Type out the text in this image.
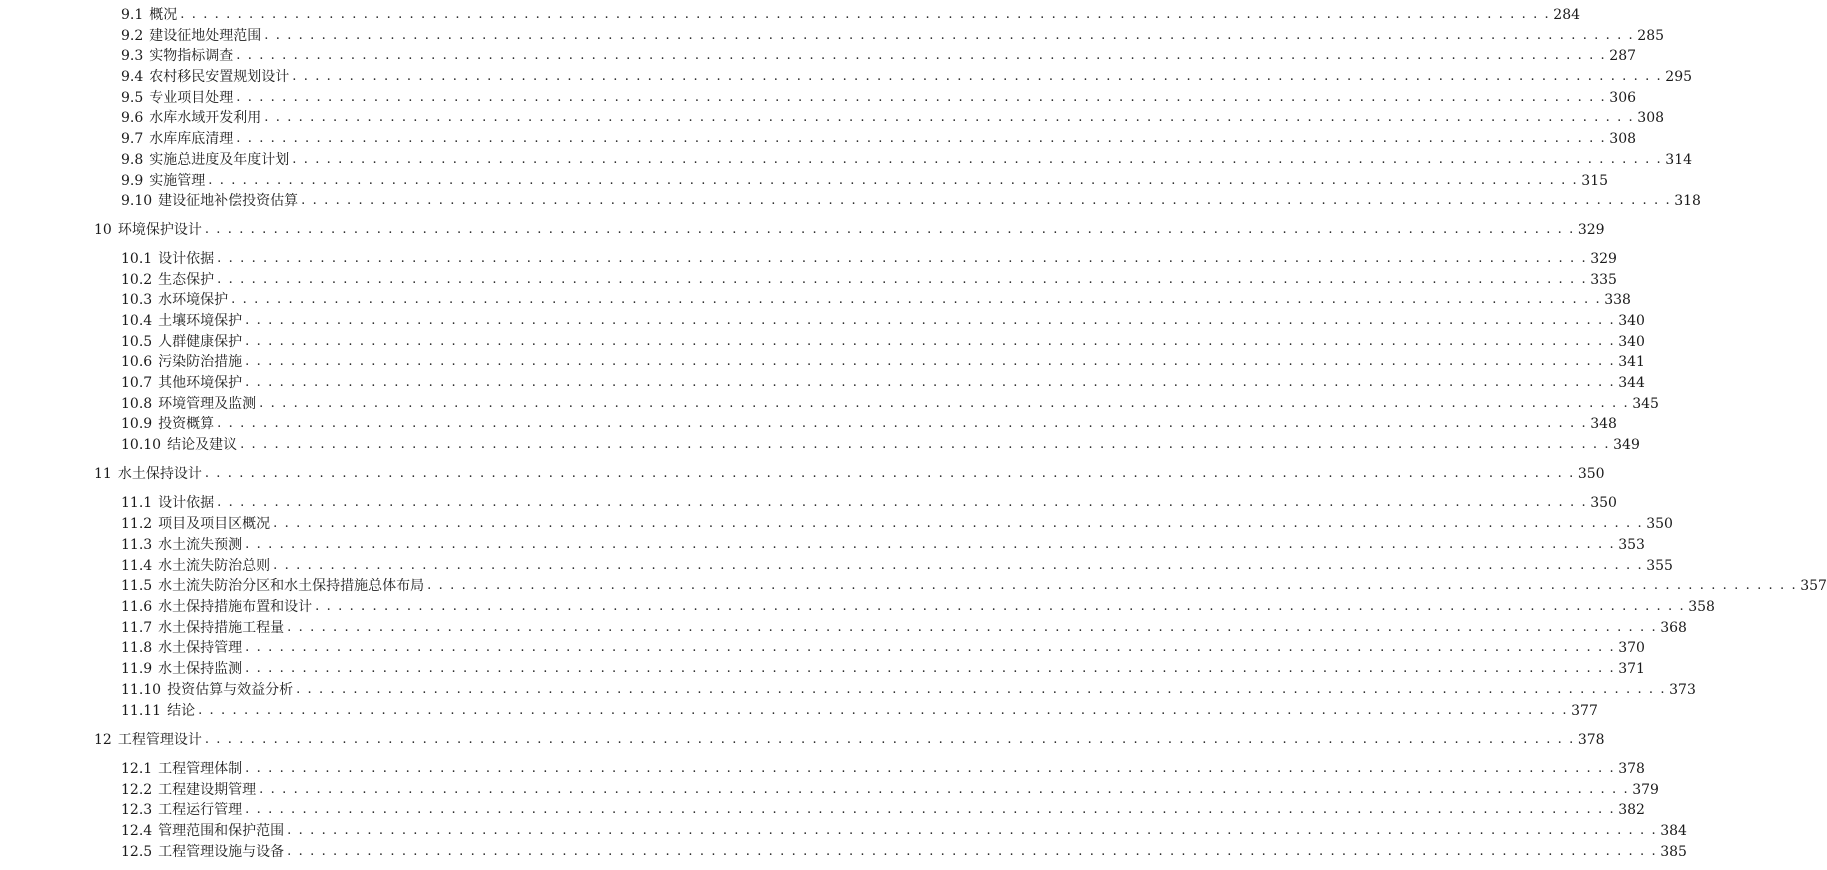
9.1 概况 . . . . . . . . . . . . . . . . . . . . . . . . . . . . . . . . . . . . . . . . . . . . . . . . . . . . . . . . . . . . . . . . . . . . . . . . . . . . . . . . . . . . . . . . . . . . . . . . . . . . . . . . . . . . . . . . . . . . . . . . 284
9.2 建设征地处理范围 . . . . . . . . . . . . . . . . . . . . . . . . . . . . . . . . . . . . . . . . . . . . . . . . . . . . . . . . . . . . . . . . . . . . . . . . . . . . . . . . . . . . . . . . . . . . . . . . . . . . . . . . . . . . . . . . . . . . . . . . 285
9.3 实物指标调查 . . . . . . . . . . . . . . . . . . . . . . . . . . . . . . . . . . . . . . . . . . . . . . . . . . . . . . . . . . . . . . . . . . . . . . . . . . . . . . . . . . . . . . . . . . . . . . . . . . . . . . . . . . . . . . . . . . . . . . . . 287
9.4 农村移民安置规划设计 . . . . . . . . . . . . . . . . . . . . . . . . . . . . . . . . . . . . . . . . . . . . . . . . . . . . . . . . . . . . . . . . . . . . . . . . . . . . . . . . . . . . . . . . . . . . . . . . . . . . . . . . . . . . . . . . . . . . . . . . 295
9.5 专业项目处理 . . . . . . . . . . . . . . . . . . . . . . . . . . . . . . . . . . . . . . . . . . . . . . . . . . . . . . . . . . . . . . . . . . . . . . . . . . . . . . . . . . . . . . . . . . . . . . . . . . . . . . . . . . . . . . . . . . . . . . . . 306
9.6 水库水域开发利用 . . . . . . . . . . . . . . . . . . . . . . . . . . . . . . . . . . . . . . . . . . . . . . . . . . . . . . . . . . . . . . . . . . . . . . . . . . . . . . . . . . . . . . . . . . . . . . . . . . . . . . . . . . . . . . . . . . . . . . . . 308
9.7 水库库底清理 . . . . . . . . . . . . . . . . . . . . . . . . . . . . . . . . . . . . . . . . . . . . . . . . . . . . . . . . . . . . . . . . . . . . . . . . . . . . . . . . . . . . . . . . . . . . . . . . . . . . . . . . . . . . . . . . . . . . . . . . 308
9.8 实施总进度及年度计划 . . . . . . . . . . . . . . . . . . . . . . . . . . . . . . . . . . . . . . . . . . . . . . . . . . . . . . . . . . . . . . . . . . . . . . . . . . . . . . . . . . . . . . . . . . . . . . . . . . . . . . . . . . . . . . . . . . . . . . . . 314
9.9 实施管理 . . . . . . . . . . . . . . . . . . . . . . . . . . . . . . . . . . . . . . . . . . . . . . . . . . . . . . . . . . . . . . . . . . . . . . . . . . . . . . . . . . . . . . . . . . . . . . . . . . . . . . . . . . . . . . . . . . . . . . . . 315
9.10 建设征地补偿投资估算 . . . . . . . . . . . . . . . . . . . . . . . . . . . . . . . . . . . . . . . . . . . . . . . . . . . . . . . . . . . . . . . . . . . . . . . . . . . . . . . . . . . . . . . . . . . . . . . . . . . . . . . . . . . . . . . . . . . . . . . . 318
10 环境保护设计 . . . . . . . . . . . . . . . . . . . . . . . . . . . . . . . . . . . . . . . . . . . . . . . . . . . . . . . . . . . . . . . . . . . . . . . . . . . . . . . . . . . . . . . . . . . . . . . . . . . . . . . . . . . . . . . . . . . . . . . . 329
10.1 设计依据 . . . . . . . . . . . . . . . . . . . . . . . . . . . . . . . . . . . . . . . . . . . . . . . . . . . . . . . . . . . . . . . . . . . . . . . . . . . . . . . . . . . . . . . . . . . . . . . . . . . . . . . . . . . . . . . . . . . . . . . . 329
10.2 生态保护 . . . . . . . . . . . . . . . . . . . . . . . . . . . . . . . . . . . . . . . . . . . . . . . . . . . . . . . . . . . . . . . . . . . . . . . . . . . . . . . . . . . . . . . . . . . . . . . . . . . . . . . . . . . . . . . . . . . . . . . . 335
10.3 水环境保护 . . . . . . . . . . . . . . . . . . . . . . . . . . . . . . . . . . . . . . . . . . . . . . . . . . . . . . . . . . . . . . . . . . . . . . . . . . . . . . . . . . . . . . . . . . . . . . . . . . . . . . . . . . . . . . . . . . . . . . . . 338
10.4 土壤环境保护 . . . . . . . . . . . . . . . . . . . . . . . . . . . . . . . . . . . . . . . . . . . . . . . . . . . . . . . . . . . . . . . . . . . . . . . . . . . . . . . . . . . . . . . . . . . . . . . . . . . . . . . . . . . . . . . . . . . . . . . . 340
10.5 人群健康保护 . . . . . . . . . . . . . . . . . . . . . . . . . . . . . . . . . . . . . . . . . . . . . . . . . . . . . . . . . . . . . . . . . . . . . . . . . . . . . . . . . . . . . . . . . . . . . . . . . . . . . . . . . . . . . . . . . . . . . . . . 340
10.6 污染防治措施 . . . . . . . . . . . . . . . . . . . . . . . . . . . . . . . . . . . . . . . . . . . . . . . . . . . . . . . . . . . . . . . . . . . . . . . . . . . . . . . . . . . . . . . . . . . . . . . . . . . . . . . . . . . . . . . . . . . . . . . . 341
10.7 其他环境保护 . . . . . . . . . . . . . . . . . . . . . . . . . . . . . . . . . . . . . . . . . . . . . . . . . . . . . . . . . . . . . . . . . . . . . . . . . . . . . . . . . . . . . . . . . . . . . . . . . . . . . . . . . . . . . . . . . . . . . . . . 344
10.8 环境管理及监测 . . . . . . . . . . . . . . . . . . . . . . . . . . . . . . . . . . . . . . . . . . . . . . . . . . . . . . . . . . . . . . . . . . . . . . . . . . . . . . . . . . . . . . . . . . . . . . . . . . . . . . . . . . . . . . . . . . . . . . . . 345
10.9 投资概算 . . . . . . . . . . . . . . . . . . . . . . . . . . . . . . . . . . . . . . . . . . . . . . . . . . . . . . . . . . . . . . . . . . . . . . . . . . . . . . . . . . . . . . . . . . . . . . . . . . . . . . . . . . . . . . . . . . . . . . . . 348
10.10 结论及建议 . . . . . . . . . . . . . . . . . . . . . . . . . . . . . . . . . . . . . . . . . . . . . . . . . . . . . . . . . . . . . . . . . . . . . . . . . . . . . . . . . . . . . . . . . . . . . . . . . . . . . . . . . . . . . . . . . . . . . . . . 349
11 水土保持设计 . . . . . . . . . . . . . . . . . . . . . . . . . . . . . . . . . . . . . . . . . . . . . . . . . . . . . . . . . . . . . . . . . . . . . . . . . . . . . . . . . . . . . . . . . . . . . . . . . . . . . . . . . . . . . . . . . . . . . . . . 350
11.1 设计依据 . . . . . . . . . . . . . . . . . . . . . . . . . . . . . . . . . . . . . . . . . . . . . . . . . . . . . . . . . . . . . . . . . . . . . . . . . . . . . . . . . . . . . . . . . . . . . . . . . . . . . . . . . . . . . . . . . . . . . . . . 350
11.2 项目及项目区概况 . . . . . . . . . . . . . . . . . . . . . . . . . . . . . . . . . . . . . . . . . . . . . . . . . . . . . . . . . . . . . . . . . . . . . . . . . . . . . . . . . . . . . . . . . . . . . . . . . . . . . . . . . . . . . . . . . . . . . . . . 350
11.3 水土流失预测 . . . . . . . . . . . . . . . . . . . . . . . . . . . . . . . . . . . . . . . . . . . . . . . . . . . . . . . . . . . . . . . . . . . . . . . . . . . . . . . . . . . . . . . . . . . . . . . . . . . . . . . . . . . . . . . . . . . . . . . . 353
11.4 水土流失防治总则 . . . . . . . . . . . . . . . . . . . . . . . . . . . . . . . . . . . . . . . . . . . . . . . . . . . . . . . . . . . . . . . . . . . . . . . . . . . . . . . . . . . . . . . . . . . . . . . . . . . . . . . . . . . . . . . . . . . . . . . . 355
11.5 水土流失防治分区和水土保持措施总体布局 . . . . . . . . . . . . . . . . . . . . . . . . . . . . . . . . . . . . . . . . . . . . . . . . . . . . . . . . . . . . . . . . . . . . . . . . . . . . . . . . . . . . . . . . . . . . . . . . . . . . . . . . . . . . . . . . . . . . . . . . 357
11.6 水土保持措施布置和设计 . . . . . . . . . . . . . . . . . . . . . . . . . . . . . . . . . . . . . . . . . . . . . . . . . . . . . . . . . . . . . . . . . . . . . . . . . . . . . . . . . . . . . . . . . . . . . . . . . . . . . . . . . . . . . . . . . . . . . . . . 358
11.7 水土保持措施工程量 . . . . . . . . . . . . . . . . . . . . . . . . . . . . . . . . . . . . . . . . . . . . . . . . . . . . . . . . . . . . . . . . . . . . . . . . . . . . . . . . . . . . . . . . . . . . . . . . . . . . . . . . . . . . . . . . . . . . . . . . 368
11.8 水土保持管理 . . . . . . . . . . . . . . . . . . . . . . . . . . . . . . . . . . . . . . . . . . . . . . . . . . . . . . . . . . . . . . . . . . . . . . . . . . . . . . . . . . . . . . . . . . . . . . . . . . . . . . . . . . . . . . . . . . . . . . . . 370
11.9 水土保持监测 . . . . . . . . . . . . . . . . . . . . . . . . . . . . . . . . . . . . . . . . . . . . . . . . . . . . . . . . . . . . . . . . . . . . . . . . . . . . . . . . . . . . . . . . . . . . . . . . . . . . . . . . . . . . . . . . . . . . . . . . 371
11.10 投资估算与效益分析 . . . . . . . . . . . . . . . . . . . . . . . . . . . . . . . . . . . . . . . . . . . . . . . . . . . . . . . . . . . . . . . . . . . . . . . . . . . . . . . . . . . . . . . . . . . . . . . . . . . . . . . . . . . . . . . . . . . . . . . . 373
11.11 结论 . . . . . . . . . . . . . . . . . . . . . . . . . . . . . . . . . . . . . . . . . . . . . . . . . . . . . . . . . . . . . . . . . . . . . . . . . . . . . . . . . . . . . . . . . . . . . . . . . . . . . . . . . . . . . . . . . . . . . . . . 377
12 工程管理设计 . . . . . . . . . . . . . . . . . . . . . . . . . . . . . . . . . . . . . . . . . . . . . . . . . . . . . . . . . . . . . . . . . . . . . . . . . . . . . . . . . . . . . . . . . . . . . . . . . . . . . . . . . . . . . . . . . . . . . . . . 378
12.1 工程管理体制 . . . . . . . . . . . . . . . . . . . . . . . . . . . . . . . . . . . . . . . . . . . . . . . . . . . . . . . . . . . . . . . . . . . . . . . . . . . . . . . . . . . . . . . . . . . . . . . . . . . . . . . . . . . . . . . . . . . . . . . . 378
12.2 工程建设期管理 . . . . . . . . . . . . . . . . . . . . . . . . . . . . . . . . . . . . . . . . . . . . . . . . . . . . . . . . . . . . . . . . . . . . . . . . . . . . . . . . . . . . . . . . . . . . . . . . . . . . . . . . . . . . . . . . . . . . . . . . 379
12.3 工程运行管理 . . . . . . . . . . . . . . . . . . . . . . . . . . . . . . . . . . . . . . . . . . . . . . . . . . . . . . . . . . . . . . . . . . . . . . . . . . . . . . . . . . . . . . . . . . . . . . . . . . . . . . . . . . . . . . . . . . . . . . . . 382
12.4 管理范围和保护范围 . . . . . . . . . . . . . . . . . . . . . . . . . . . . . . . . . . . . . . . . . . . . . . . . . . . . . . . . . . . . . . . . . . . . . . . . . . . . . . . . . . . . . . . . . . . . . . . . . . . . . . . . . . . . . . . . . . . . . . . . 384
12.5 工程管理设施与设备 . . . . . . . . . . . . . . . . . . . . . . . . . . . . . . . . . . . . . . . . . . . . . . . . . . . . . . . . . . . . . . . . . . . . . . . . . . . . . . . . . . . . . . . . . . . . . . . . . . . . . . . . . . . . . . . . . . . . . . . . 385
